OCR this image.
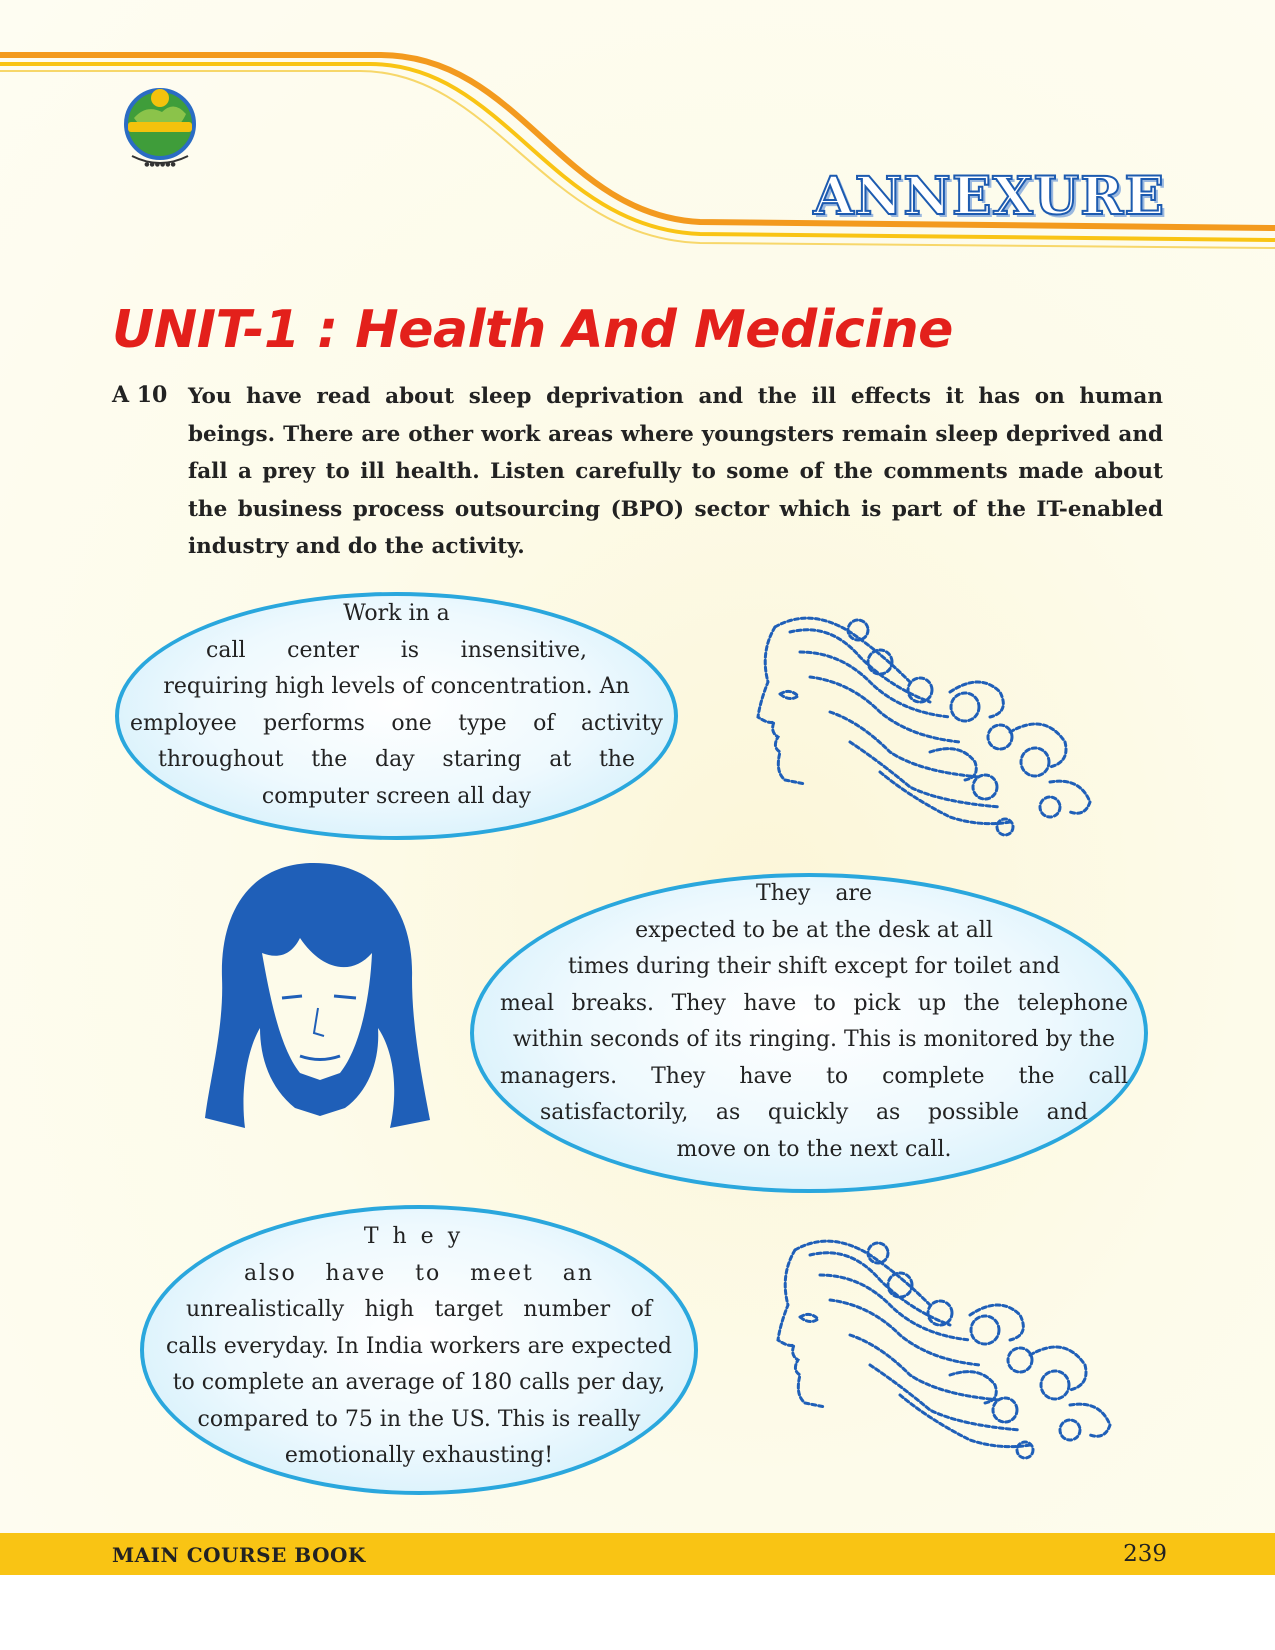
●●●●●●
ANNEXURE
UNIT-1 : Health And Medicine
A 10 You have read about sleep deprivation and the ill effects it has on human beings. There are other work areas where youngsters remain sleep deprived and fall a prey to ill health. Listen carefully to some of the comments made about the business process outsourcing (BPO) sector which is part of the IT-enabled industry and do the activity.
Work in a
call center is insensitive,
requiring high levels of concentration. An
employee performs one type of activity
throughout the day staring at the
computer screen all day
They are
expected to be at the desk at all
times during their shift except for toilet and
meal breaks. They have to pick up the telephone
within seconds of its ringing. This is monitored by the
managers. They have to complete the call
satisfactorily, as quickly as possible and
move on to the next call.
They
also have to meet an
unrealistically high target number of
calls everyday. In India workers are expected
to complete an average of 180 calls per day,
compared to 75 in the US. This is really
emotionally exhausting!
MAIN COURSE BOOK	239
